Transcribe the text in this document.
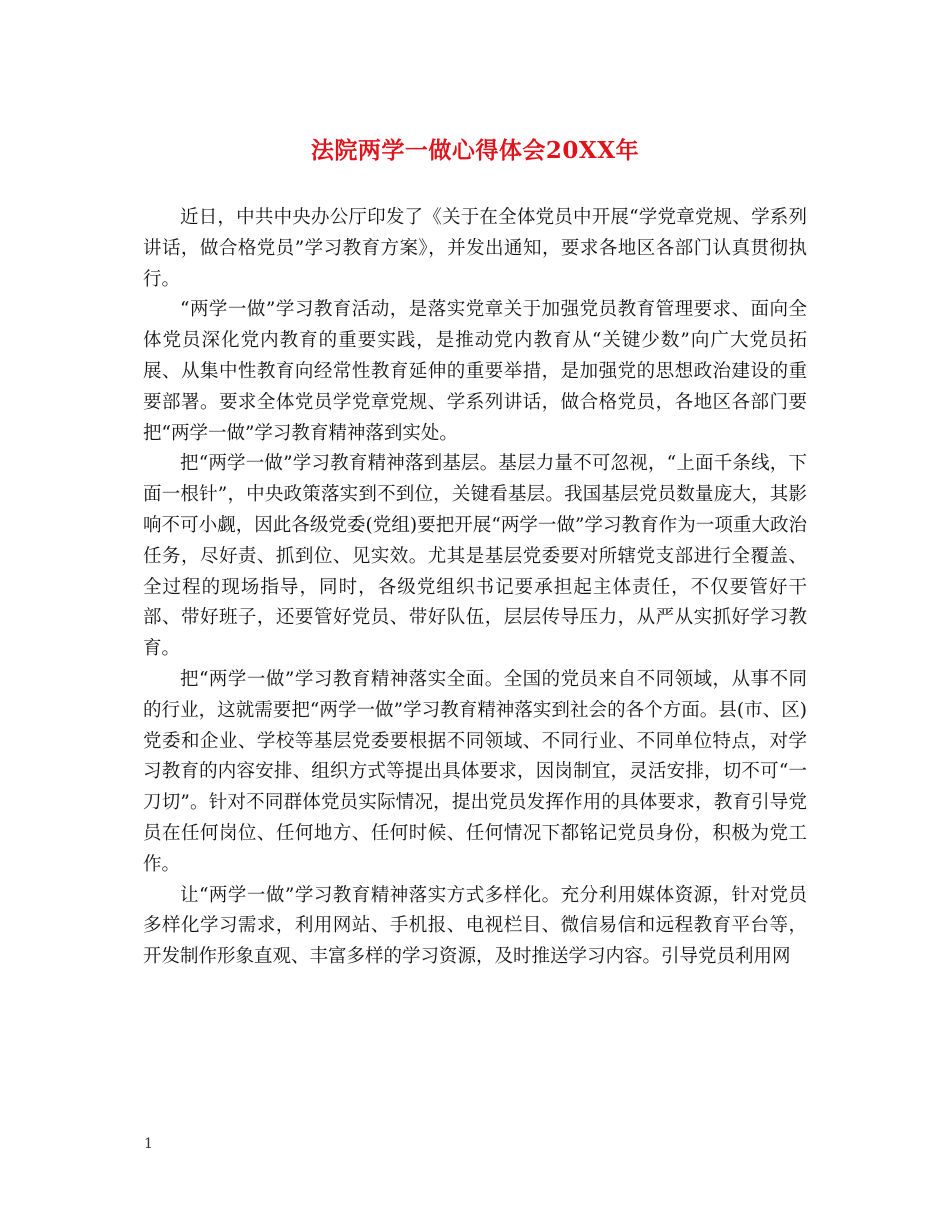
法院两学一做心得体会20XX年

近日，中共中央办公厅印发了《关于在全体党员中开展“学党章党规、学系列讲话，做合格党员”学习教育方案》，并发出通知，要求各地区各部门认真贯彻执行。

“两学一做”学习教育活动，是落实党章关于加强党员教育管理要求、面向全体党员深化党内教育的重要实践，是推动党内教育从“关键少数”向广大党员拓展、从集中性教育向经常性教育延伸的重要举措，是加强党的思想政治建设的重要部署。要求全体党员学党章党规、学系列讲话，做合格党员，各地区各部门要把“两学一做”学习教育精神落到实处。

把“两学一做”学习教育精神落到基层。基层力量不可忽视，“上面千条线，下面一根针”，中央政策落实到不到位，关键看基层。我国基层党员数量庞大，其影响不可小觑，因此各级党委(党组)要把开展“两学一做”学习教育作为一项重大政治任务，尽好责、抓到位、见实效。尤其是基层党委要对所辖党支部进行全覆盖、全过程的现场指导，同时，各级党组织书记要承担起主体责任，不仅要管好干部、带好班子，还要管好党员、带好队伍，层层传导压力，从严从实抓好学习教育。

把“两学一做”学习教育精神落实全面。全国的党员来自不同领域，从事不同的行业，这就需要把“两学一做”学习教育精神落实到社会的各个方面。县(市、区)党委和企业、学校等基层党委要根据不同领域、不同行业、不同单位特点，对学习教育的内容安排、组织方式等提出具体要求，因岗制宜，灵活安排，切不可“一刀切”。针对不同群体党员实际情况，提出党员发挥作用的具体要求，教育引导党员在任何岗位、任何地方、任何时候、任何情况下都铭记党员身份，积极为党工作。

让“两学一做”学习教育精神落实方式多样化。充分利用媒体资源，针对党员多样化学习需求，利用网站、手机报、电视栏目、微信易信和远程教育平台等，开发制作形象直观、丰富多样的学习资源，及时推送学习内容。引导党员利用网

1
